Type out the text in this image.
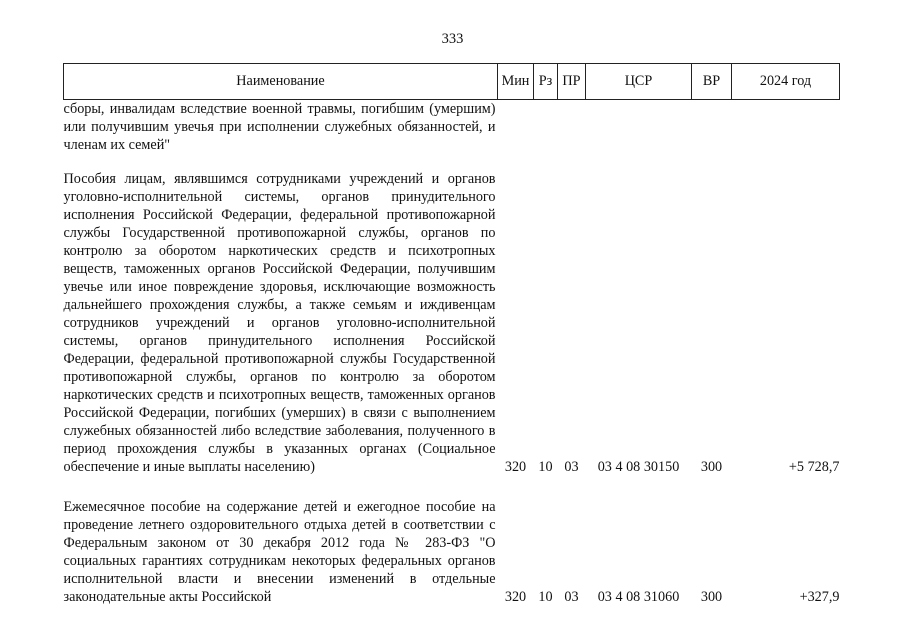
333
Наименование	Мин	Рз	ПР	ЦСР	ВР	2024 год
сборы, инвалидам вследствие военной травмы, погибшим (умершим) или получившим увечья при исполнении служебных обязанностей, и членам их семей"						

Пособия лицам, являвшимся сотрудниками учреждений и органов уголовно-исполнительной системы, органов принудительного исполнения Российской Федерации, федеральной противопожарной службы Государственной противопожарной службы, органов по контролю за оборотом наркотических средств и психотропных веществ, таможенных органов Российской Федерации, получившим увечье или иное повреждение здоровья, исключающие возможность дальнейшего прохождения службы, а также семьям и иждивенцам сотрудников учреждений и органов уголовно-исполнительной системы, органов принудительного исполнения Российской Федерации, федеральной противопожарной службы Государственной противопожарной службы, органов по контролю за оборотом наркотических средств и психотропных веществ, таможенных органов Российской Федерации, погибших (умерших) в связи с выполнением служебных обязанностей либо вследствие заболевания, полученного в период прохождения службы в указанных органах (Социальное обеспечение и иные выплаты населению)	320	10	03	03 4 08 30150	300	+5 728,7

Ежемесячное пособие на содержание детей и ежегодное пособие на проведение летнего оздоровительного отдыха детей в соответствии с Федеральным законом от 30 декабря 2012 года № 283-ФЗ "О социальных гарантиях сотрудникам некоторых федеральных органов исполнительной власти и внесении изменений в отдельные законодательные акты Российской	320	10	03	03 4 08 31060	300	+327,9
